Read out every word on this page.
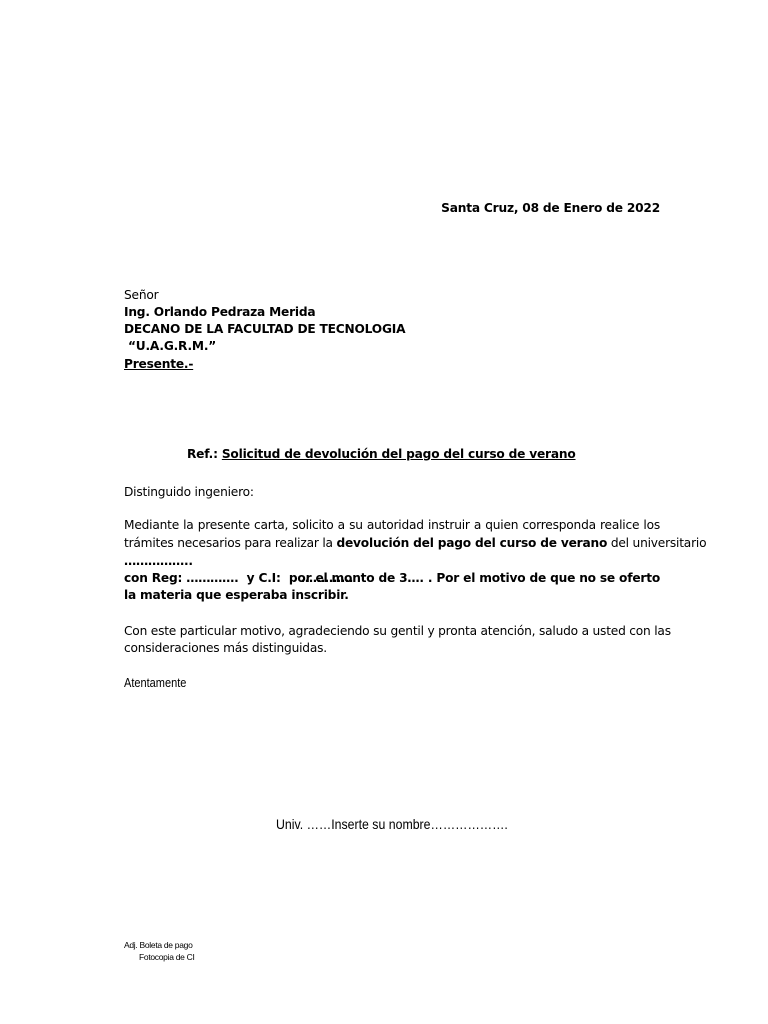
Santa Cruz, 08 de Enero de 2022
Señor
Ing. Orlando Pedraza Merida
DECANO DE LA FACULTAD DE TECNOLOGIA
“U.A.G.R.M.”
Presente.-
Ref.: Solicitud de devolución del pago del curso de verano
Distinguido ingeniero:
Mediante la presente carta, solicito a su autoridad instruir a quien corresponda realice los
trámites necesarios para realizar la devolución del pago del curso de verano del universitario
……………..
con Reg: ………….  y C.I:     ………….
por el monto de 3…. . Por el motivo de que no se oferto
la materia que esperaba inscribir.
Con este particular motivo, agradeciendo su gentil y pronta atención, saludo a usted con las
consideraciones más distinguidas.
Atentamente
Univ. ……Inserte su nombre……………….
Adj. Boleta de pago
Fotocopia de CI
